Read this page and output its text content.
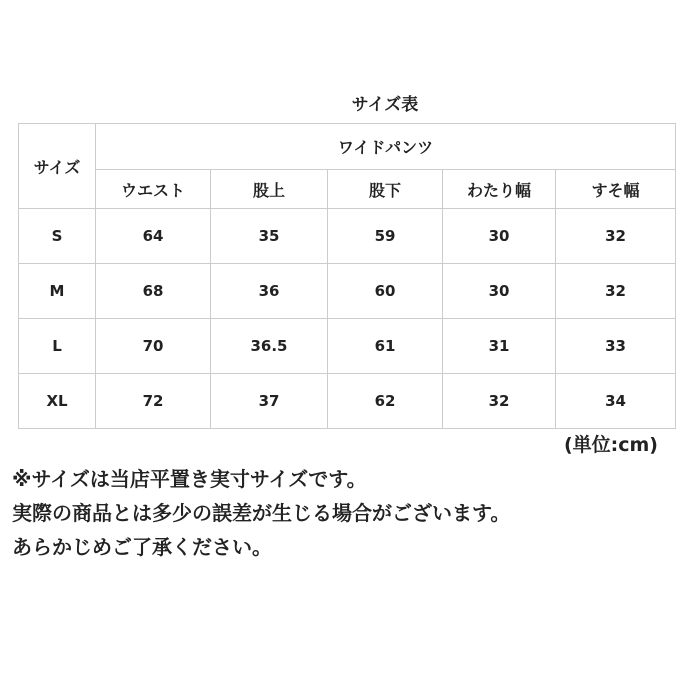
サイズ表
サイズ	ワイドパンツ				
	ウエスト	股上	股下	わたり幅	すそ幅
S	64	35	59	30	32
M	68	36	60	30	32
L	70	36.5	61	31	33
XL	72	37	62	32	34
(単位:cm)
※サイズは当店平置き実寸サイズです。
実際の商品とは多少の誤差が生じる場合がございます。
あらかじめご了承ください。
